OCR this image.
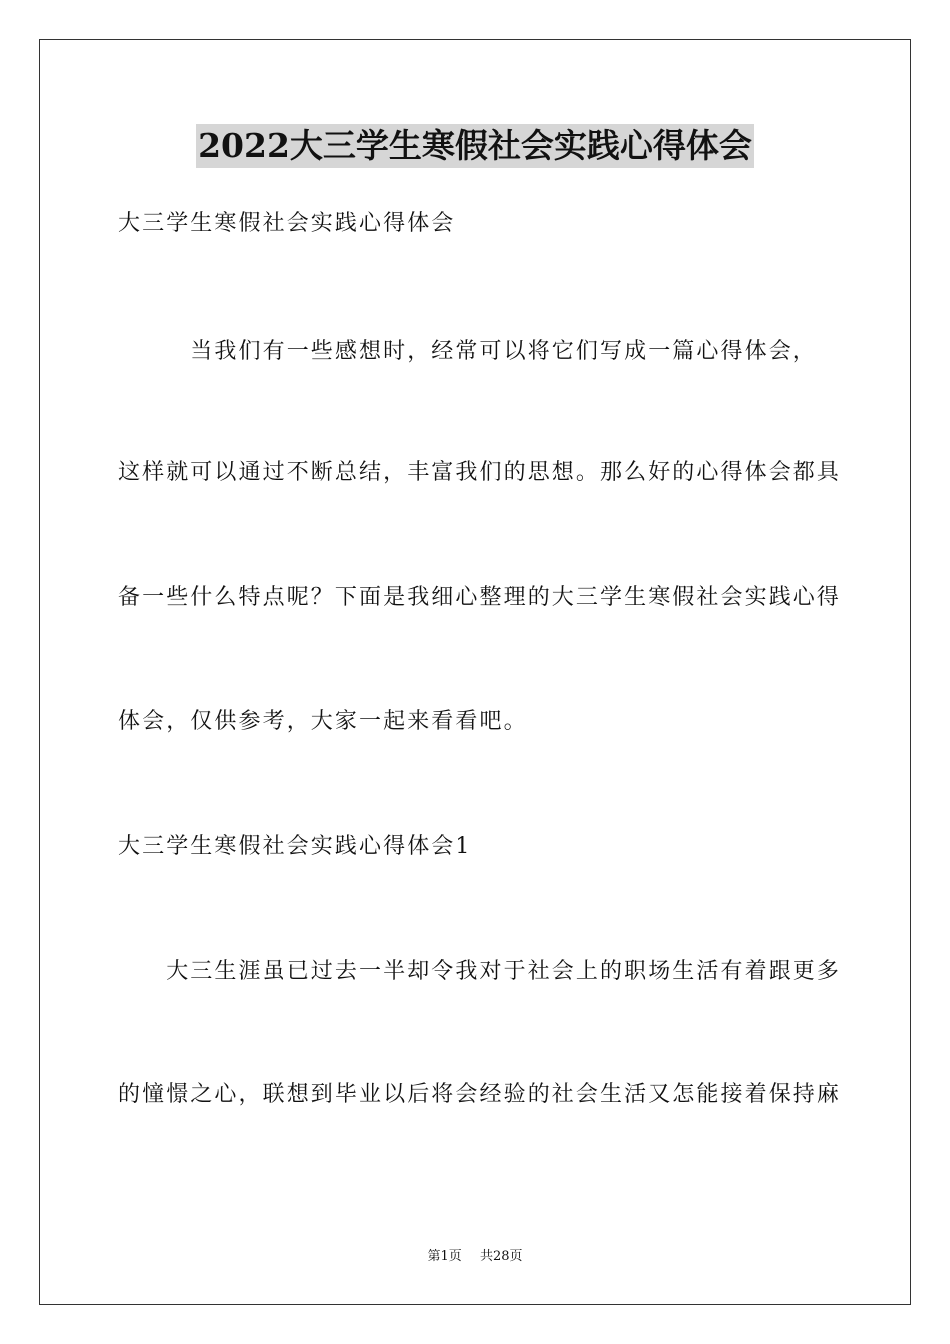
2022大三学生寒假社会实践心得体会
大三学生寒假社会实践心得体会
　　　当我们有一些感想时，经常可以将它们写成一篇心得体会，
这样就可以通过不断总结，丰富我们的思想。那么好的心得体会都具
备一些什么特点呢？下面是我细心整理的大三学生寒假社会实践心得
体会，仅供参考，大家一起来看看吧。
大三学生寒假社会实践心得体会1
　　大三生涯虽已过去一半却令我对于社会上的职场生活有着跟更多
的憧憬之心，联想到毕业以后将会经验的社会生活又怎能接着保持麻
第1页 共28页
